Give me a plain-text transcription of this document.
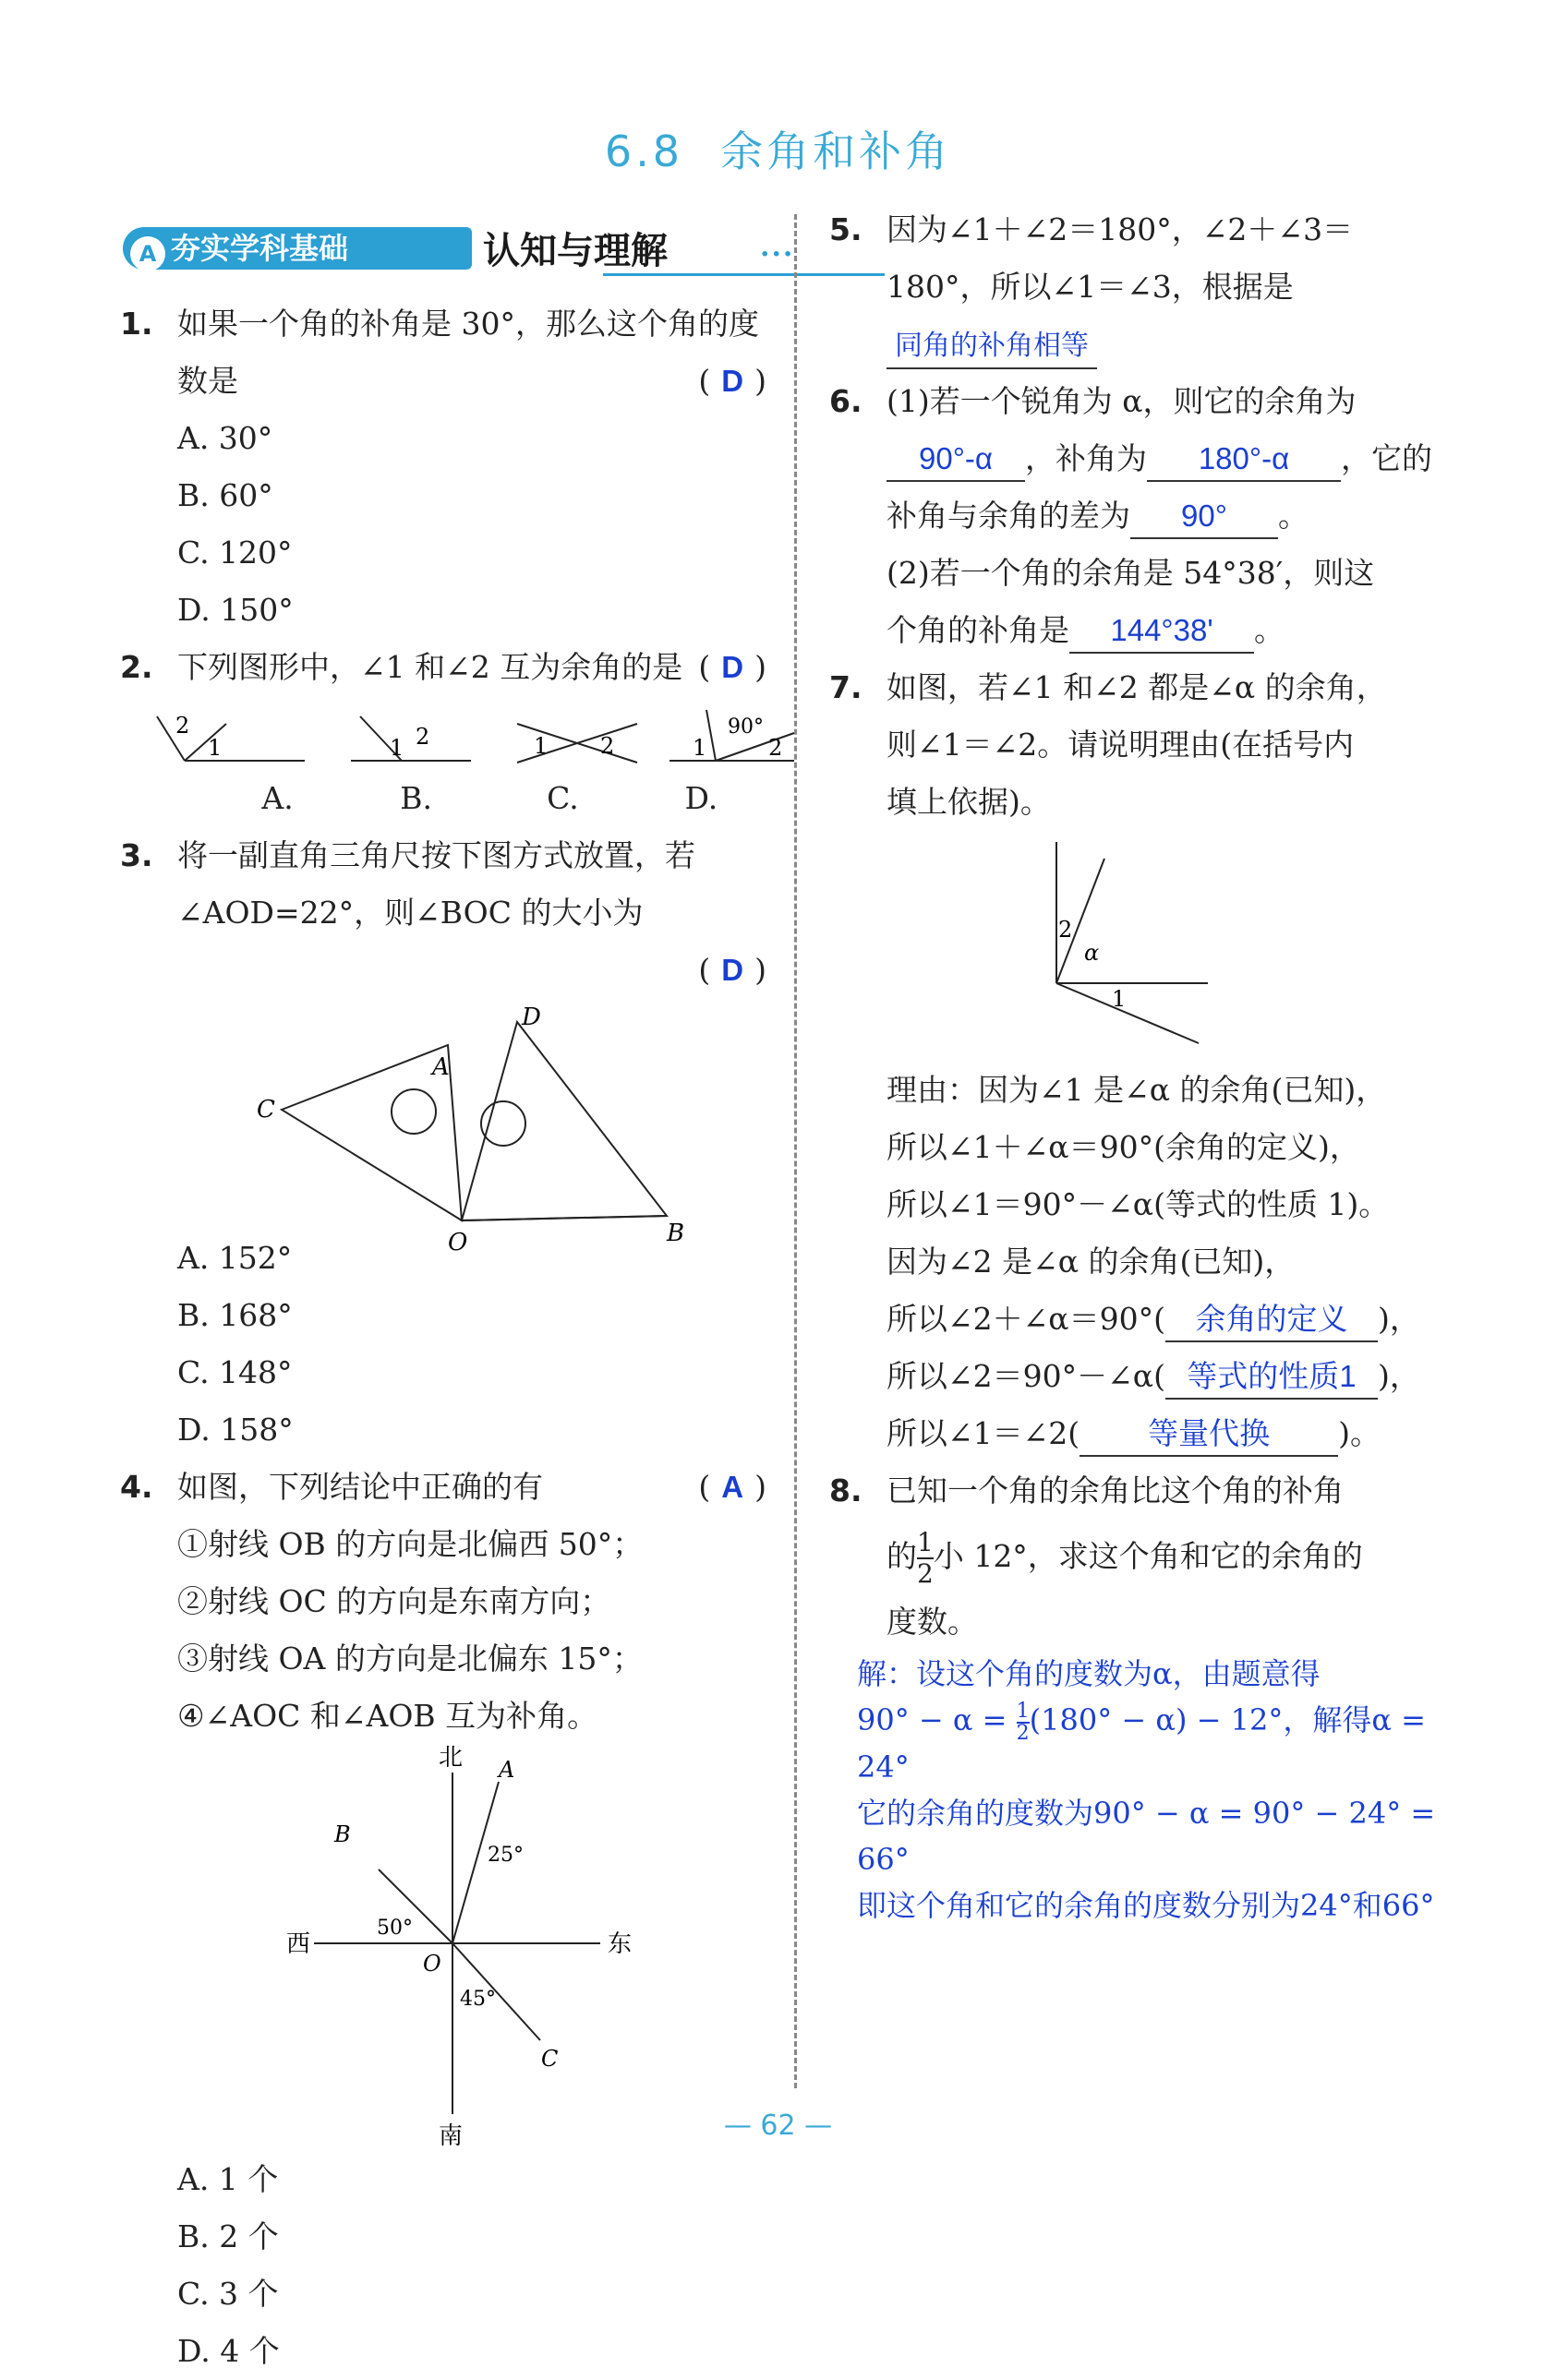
6.8 余角和补角
A 夯实学科基础	认知与理解	···
1. 如果一个角的补角是 30°，那么这个角的度数是	( D )
A. 30°
B. 60°
C. 120°
D. 150°
2. 下列图形中，∠1 和∠2 互为余角的是 ( D )
2
1	1 2	1 2	1
90°
2
A.	B.	C.	D.
3. 将一副直角三角尺按下图方式放置，若∠AOD=22°，则∠BOC 的大小为
( D )
C
A
D
O	B
A. 152°
B. 168°
C. 148°
D. 158°
4. 如图，下列结论中正确的有	( A )
①射线 OB 的方向是北偏西 50°；
②射线 OC 的方向是东南方向；
③射线 OA 的方向是北偏东 15°；
④∠AOC 和∠AOB 互为补角。
北
南
东
西
O
A
B
C
25°
50°
45°
A. 1 个
B. 2 个
C. 3 个
D. 4 个
5. 因为∠1＋∠2＝180°，∠2＋∠3＝
180°，所以∠1＝∠3，根据是同角的补角相等
6. (1)若一个锐角为 α，则它的余角为
90°-α ，补角为 180°-α ，它的
补角与余角的差为 90° 。
(2)若一个角的余角是 54°38′，则这
个角的补角是 144°38' 。
7. 如图，若∠1 和∠2 都是∠α 的余角，
则∠1＝∠2。请说明理由(在括号内
填上依据)。
2
α
1
理由：因为∠1 是∠α 的余角(已知)，
所以∠1＋∠α＝90°(余角的定义)，
所以∠1＝90°－∠α(等式的性质 1)。
因为∠2 是∠α 的余角(已知)，
所以∠2＋∠α＝90°( 余角的定义 )，
所以∠2＝90°－∠α( 等式的性质1 )，
所以∠1＝∠2( 等量代换 )。
8. 已知一个角的余角比这个角的补角
的 $\frac{1}{2}$ 小 12°，求这个角和它的余角的
度数。
解：设这个角的度数为α，由题意得
$90^\circ - \alpha = \frac{1}{2} (180^\circ - \alpha) - 12^\circ$，解得α = 24°
它的余角的度数为90° − α = 90° − 24° = 66°
即这个角和它的余角的度数分别为24°和66°
— 62 —
